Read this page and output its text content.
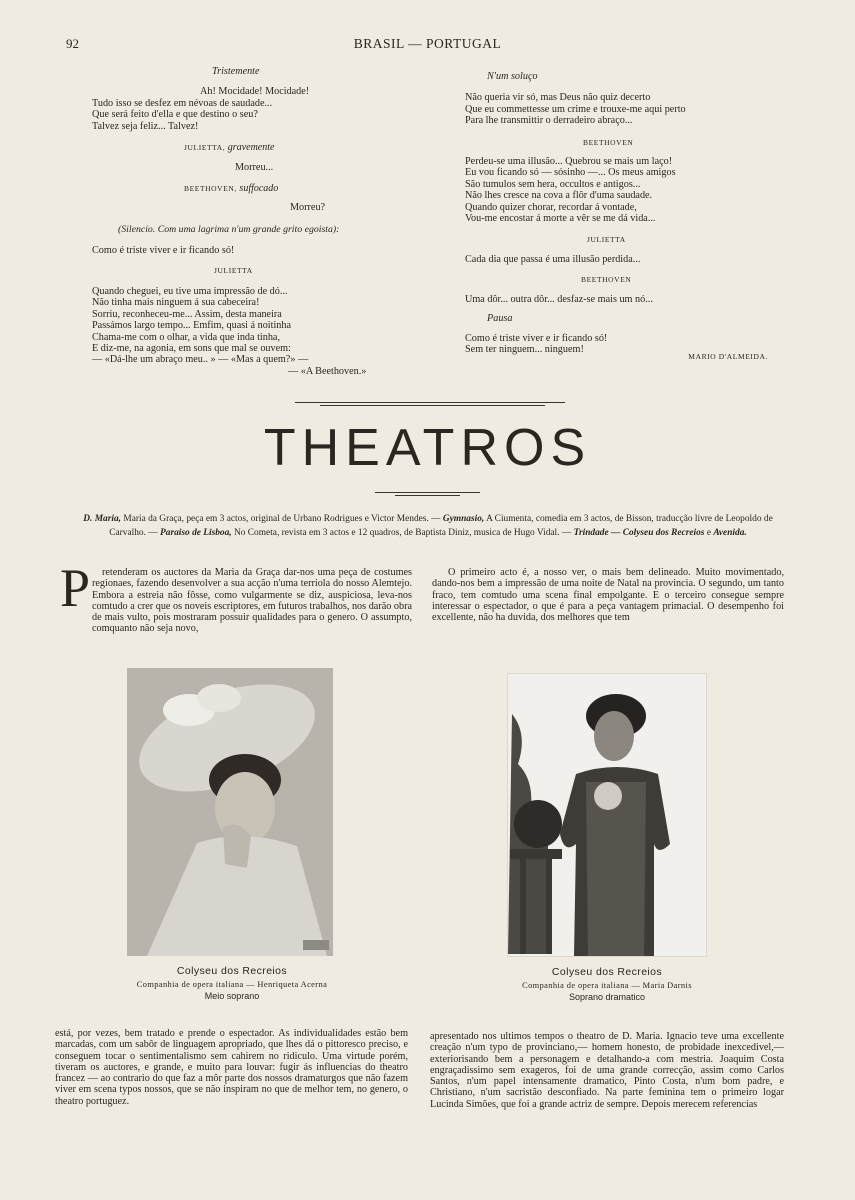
92	BRASIL — PORTUGAL

Tristemente

Ah! Mocidade! Mocidade!

Tudo isso se desfez em névoas de saudade...

Que será feito d'ella e que destino o seu?

Talvez seja feliz... Talvez!

JULIETTA, gravemente

Morreu...

BEETHOVEN, suffocado

Morreu?

(Silencio. Com uma lagrima n'um grande grito egoista):

Como é triste viver e ir ficando só!

JULIETTA

Quando cheguei, eu tive uma impressão de dó...

Não tinha mais ninguem á sua cabeceira!

Sorriu, reconheceu-me... Assim, desta maneira

Passámos largo tempo... Emfim, quasi á noitinha

Chama-me com o olhar, a vida que inda tinha,

E diz-me, na agonia, em sons que mal se ouvem:

— «Dá-lhe um abraço meu.. » — «Mas a quem?» —

— «A Beethoven.»

N'um soluço

Não queria vir só, mas Deus não quiz decerto

Que eu commettesse um crime e trouxe-me aqui perto

Para lhe transmittir o derradeiro abraço...

BEETHOVEN

Perdeu-se uma illusão... Quebrou se mais um laço!

Eu vou ficando só — sósinho —... Os meus amigos

São tumulos sem hera, occultos e antigos...

Não lhes cresce na cova a flôr d'uma saudade.

Quando quizer chorar, recordar á vontade,

Vou-me encostar á morte a vêr se me dá vida...

JULIETTA

Cada dia que passa é uma illusão perdida...

BEETHOVEN

Uma dôr... outra dôr... desfaz-se mais um nó...

Pausa

Como é triste viver e ir ficando só!

Sem ter ninguem... ninguem!

MARIO D'ALMEIDA.

THEATROS
D. Maria, Maria da Graça, peça em 3 actos, original de Urbano Rodrigues e Victor Mendes. — Gymnasio, A Ciumenta, comedia em 3 actos, de Bisson, traducção livre de Leopoldo de Carvalho. — Paraiso de Lisboa, No Cometa, revista em 3 actos e 12 quadros, de Baptista Diniz, musica de Hugo Vidal. — Trindade — Colyseu dos Recreios e Avenida.
P	retenderam os auctores da Maria da Graça dar-nos uma peça de costumes regionaes, fazendo desenvolver a sua acção n'uma terriola do nosso Alemtejo. Embora a estreia não fôsse, como vulgarmente se diz, auspiciosa, leva-nos comtudo a crer que os noveis escriptores, em futuros trabalhos, nos darão obra de mais vulto, pois mostraram possuir qualidades para o genero. O assumpto, comquanto não seja novo,

O primeiro acto é, a nosso ver, o mais bem delineado. Muito movimentado, dando-nos bem a impressão de uma noite de Natal na provincia. O segundo, um tanto fraco, tem comtudo uma scena final empolgante. E o terceiro consegue sempre interessar o espectador, o que é para a peça vantagem primacial. O desempenho foi excellente, não ha duvida, dos melhores que tem

Colyseu dos Recreios
Companhia de opera italiana — Henriqueta Acerna
Meio soprano
Colyseu dos Recreios
Companhia de opera italiana — Maria Darnis
Soprano dramatico

está, por vezes, bem tratado e prende o espectador. As individualidades estão bem marcadas, com um sabôr de linguagem apropriado, que lhes dá o pittoresco preciso, e conseguem tocar o sentimentalismo sem cahirem no ridiculo. Uma virtude porém, tiveram os auctores, e grande, e muito para louvar: fugir ás influencias do theatro francez — ao contrario do que faz a môr parte dos nossos dramaturgos que não fazem viver em scena typos nossos, que se não inspiram no que de melhor tem, no genero, o theatro portuguez.

apresentado nos ultimos tempos o theatro de D. Maria. Ignacio teve uma excellente creação n'um typo de provinciano,— homem honesto, de probidade inexcedivel,— exteriorisando bem a personagem e detalhando-a com mestria. Joaquim Costa engraçadissimo sem exageros, foi de uma grande correcção, assim como Carlos Santos, n'um papel intensamente dramatico, Pinto Costa, n'um bom padre, e Christiano, n'um sacristão desconfiado. Na parte feminina tem o primeiro logar Lucinda Simões, que foi a grande actriz de sempre. Depois merecem referencias
